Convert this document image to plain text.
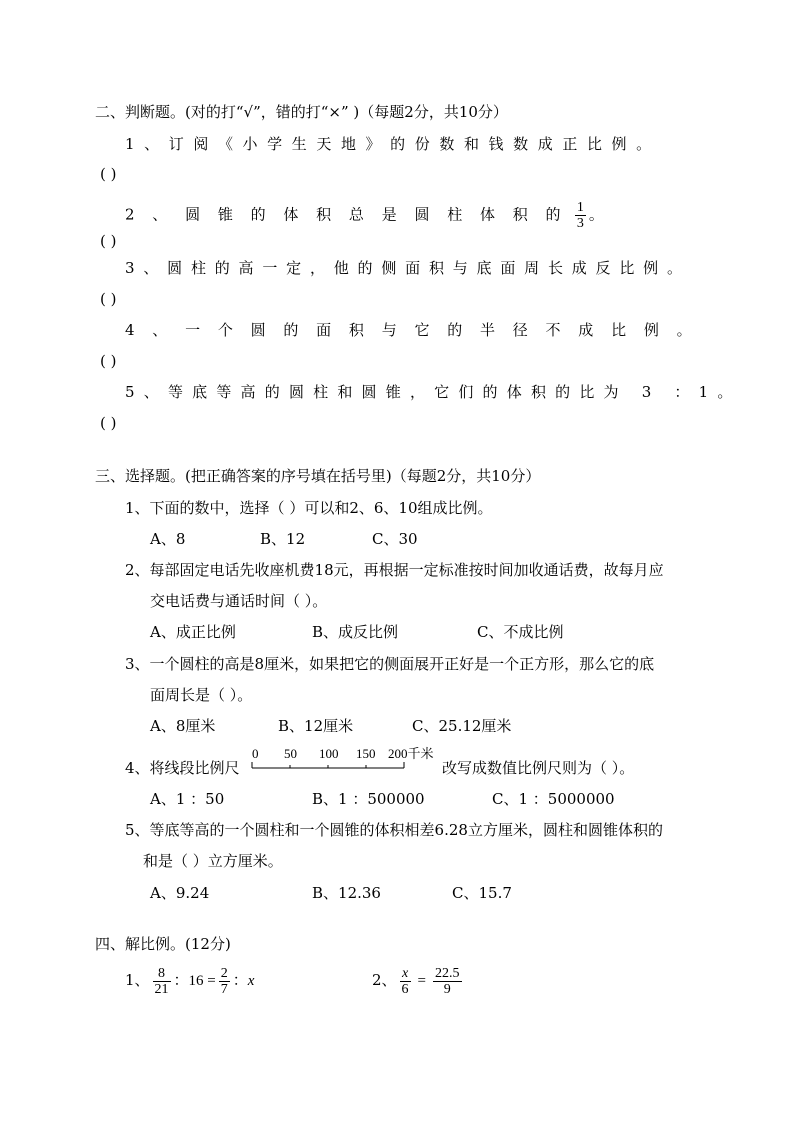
二、判断题。(对的打“√”，错的打“×” )（每题2分，共10分）
1、订阅《小学生天地》的份数和钱数成正比例。
( )
2 、 圆 锥 的 体 积 总 是 圆 柱 体 积 的 $\frac{1}{3}$ 。
( )
3、圆柱的高一定，他的侧面积与底面周长成反比例。
( )
4 、 一 个 圆 的 面 积 与 它 的 半 径 不 成 比 例 。
( )
5、等底等高的圆柱和圆锥，它们的体积的比为 3 ：1。
( )
三、选择题。(把正确答案的序号填在括号里)（每题2分，共10分）
1、下面的数中，选择（ ）可以和2、6、10组成比例。
A、8	B、12	C、30
2、每部固定电话先收座机费18元，再根据一定标准按时间加收通话费，故每月应
交电话费与通话时间（ ）。
A、成正比例	B、成反比例	C、不成比例
3、一个圆柱的高是8厘米，如果把它的侧面展开正好是一个正方形，那么它的底
面周长是（ ）。
A、8厘米	B、12厘米	C、25.12厘米
4、将线段比例尺
0 50 100 150 200千米
改写成数值比例尺则为（ ）。
A、1 ：50	B、1 ：500000	C、1 ：5000000
5、等底等高的一个圆柱和一个圆锥的体积相差6.28立方厘米，圆柱和圆锥体积的
和是（ ）立方厘米。
A、9.24	B、12.36	C、15.7
四、解比例。(12分)
1、 $\frac{8}{21}$ ：$16 = \frac{2}{7}$ ：x	2、 $\frac{x}{6} = \frac{22.5}{9}$
